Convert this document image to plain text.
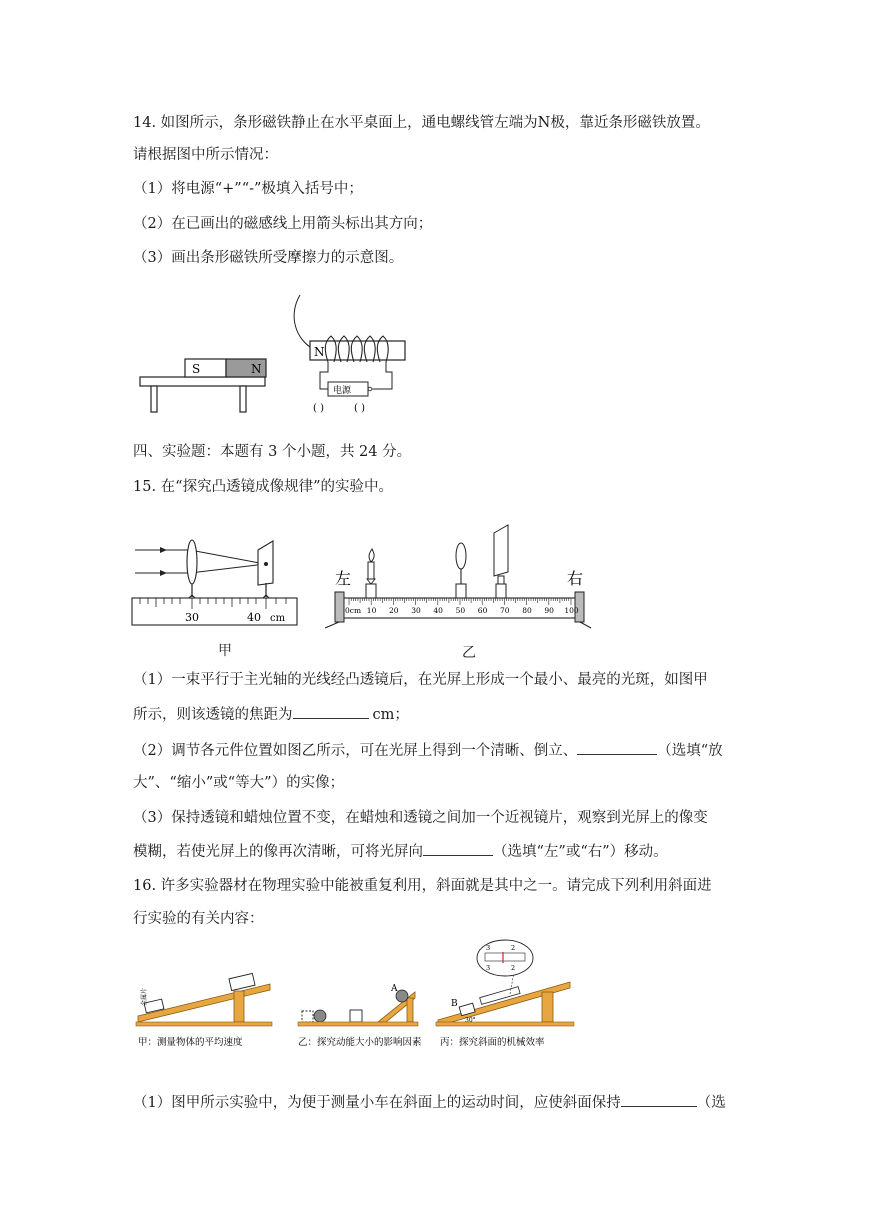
14. 如图所示，条形磁铁静止在水平桌面上，通电螺线管左端为N极，靠近条形磁铁放置。
请根据图中所示情况：
（1）将电源“+”“-”极填入括号中；
（2）在已画出的磁感线上用箭头标出其方向；
（3）画出条形磁铁所受摩擦力的示意图。
S	N
N
电源
( )	( )
四、实验题：本题有 3 个小题，共 24 分。
15. 在“探究凸透镜成像规律”的实验中。
30	40 cm
甲
左	右
0cm 10 20 30 40 50 60 70 80 90 100
乙
（1）一束平行于主光轴的光线经凸透镜后，在光屏上形成一个最小、最亮的光斑，如图甲
所示，则该透镜的焦距为	cm；
（2）调节各元件位置如图乙所示，可在光屏上得到一个清晰、倒立、	（选填“放
大”、“缩小”或“等大”）的实像；
（3）保持透镜和蜡烛位置不变，在蜡烛和透镜之间加一个近视镜片，观察到光屏上的像变
模糊，若使光屏上的像再次清晰，可将光屏向	（选填“左”或“右”）移动。
16. 许多实验器材在物理实验中能被重复利用，斜面就是其中之一。请完成下列利用斜面进
行实验的有关内容：
金属片	A
B
3	2
3	2
30°
甲：测量物体的平均速度	乙：探究动能大小的影响因素 丙：探究斜面的机械效率
（1）图甲所示实验中，为便于测量小车在斜面上的运动时间，应使斜面保持	（选
